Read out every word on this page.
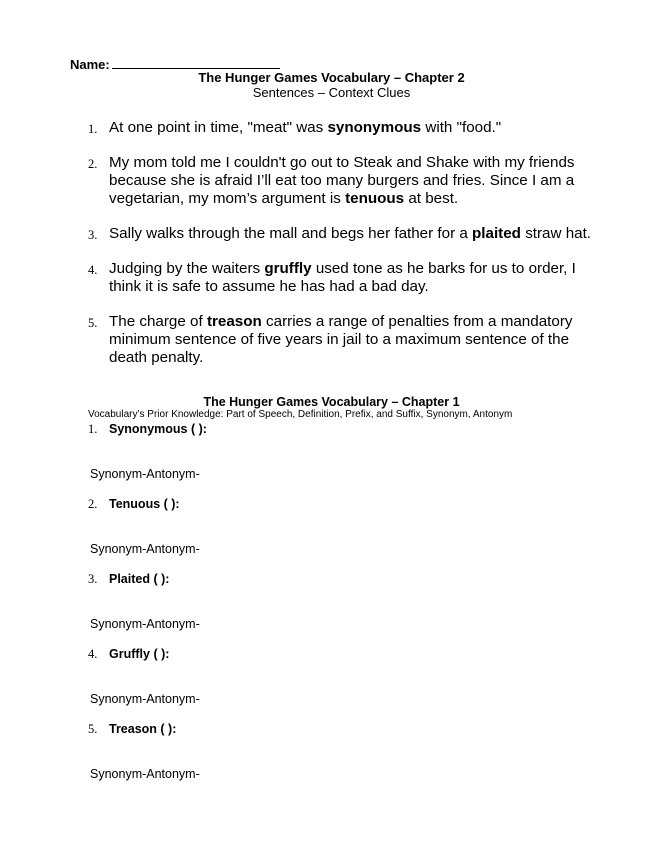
Name:
The Hunger Games Vocabulary – Chapter 2
Sentences – Context Clues
1. At one point in time, "meat" was synonymous with "food."
2. My mom told me I couldn't go out to Steak and Shake with my friends because she is afraid I’ll eat too many burgers and fries. Since I am a vegetarian, my mom’s argument is tenuous at best.
3. Sally walks through the mall and begs her father for a plaited straw hat.
4. Judging by the waiters gruffly used tone as he barks for us to order, I think it is safe to assume he has had a bad day.
5. The charge of treason carries a range of penalties from a mandatory minimum sentence of five years in jail to a maximum sentence of the death penalty.
The Hunger Games Vocabulary – Chapter 1
Vocabulary’s Prior Knowledge: Part of Speech, Definition, Prefix, and Suffix, Synonym, Antonym
1. Synonymous ( ):
Synonym-Antonym-
2. Tenuous ( ):
Synonym-Antonym-
3. Plaited ( ):
Synonym-Antonym-
4. Gruffly ( ):
Synonym-Antonym-
5. Treason ( ):
Synonym-Antonym-
